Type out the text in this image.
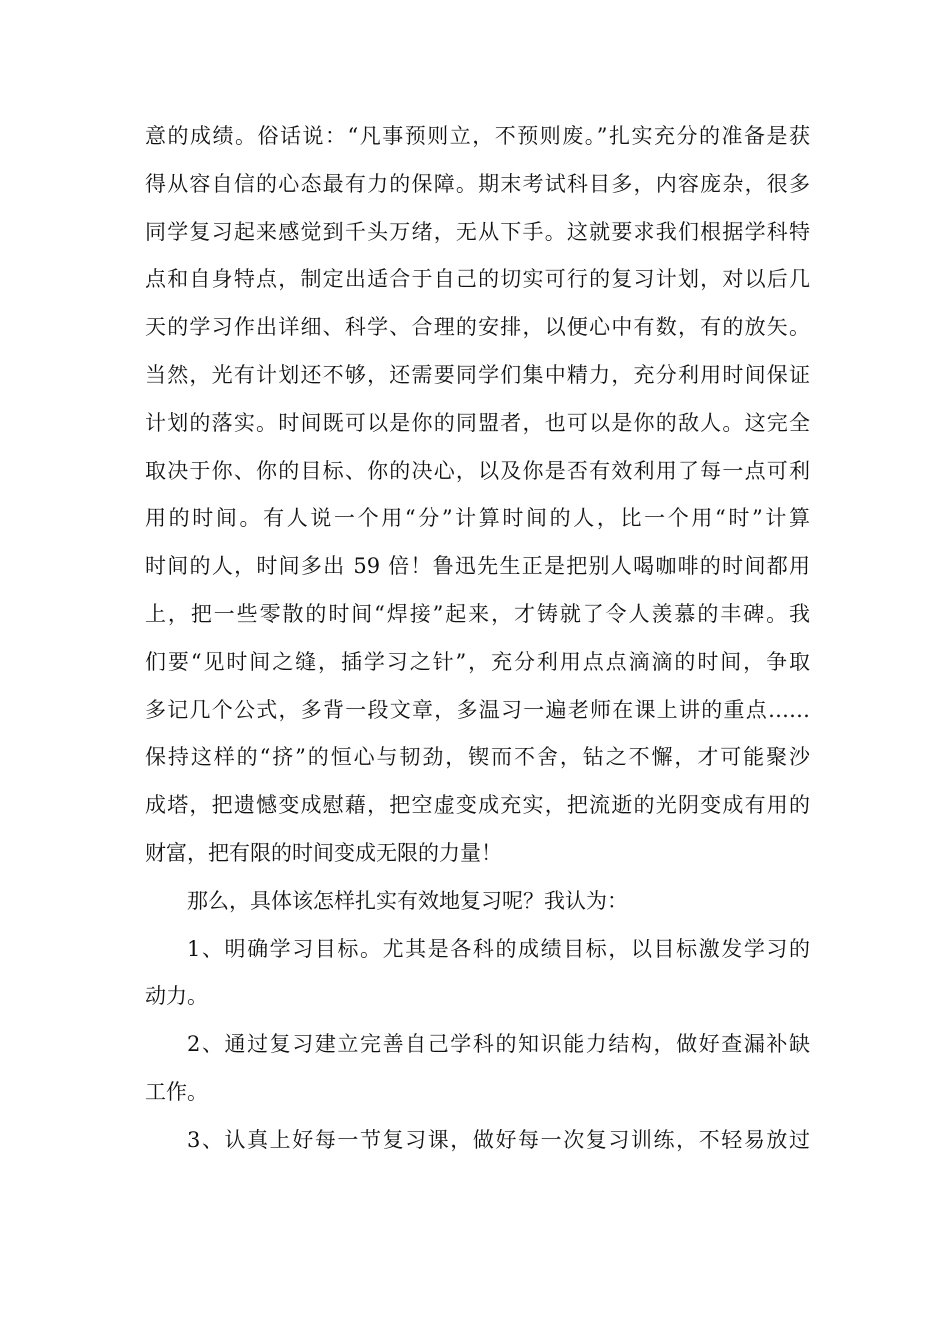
意的成绩。俗话说：“凡事预则立，不预则废。”扎实充分的准备是获
得从容自信的心态最有力的保障。期末考试科目多，内容庞杂，很多
同学复习起来感觉到千头万绪，无从下手。这就要求我们根据学科特
点和自身特点，制定出适合于自己的切实可行的复习计划，对以后几
天的学习作出详细、科学、合理的安排，以便心中有数，有的放矢。
当然，光有计划还不够，还需要同学们集中精力，充分利用时间保证
计划的落实。时间既可以是你的同盟者，也可以是你的敌人。这完全
取决于你、你的目标、你的决心，以及你是否有效利用了每一点可利
用的时间。有人说一个用“分”计算时间的人，比一个用“时”计算
时间的人，时间多出 59 倍！鲁迅先生正是把别人喝咖啡的时间都用
上，把一些零散的时间“焊接”起来，才铸就了令人羡慕的丰碑。我
们要“见时间之缝，插学习之针”，充分利用点点滴滴的时间，争取
多记几个公式，多背一段文章，多温习一遍老师在课上讲的重点……
保持这样的“挤”的恒心与韧劲，锲而不舍，钻之不懈，才可能聚沙
成塔，把遗憾变成慰藉，把空虚变成充实，把流逝的光阴变成有用的
财富，把有限的时间变成无限的力量！
那么，具体该怎样扎实有效地复习呢？我认为：
1、明确学习目标。尤其是各科的成绩目标，以目标激发学习的
动力。
2、通过复习建立完善自己学科的知识能力结构，做好查漏补缺
工作。
3、认真上好每一节复习课，做好每一次复习训练，不轻易放过
